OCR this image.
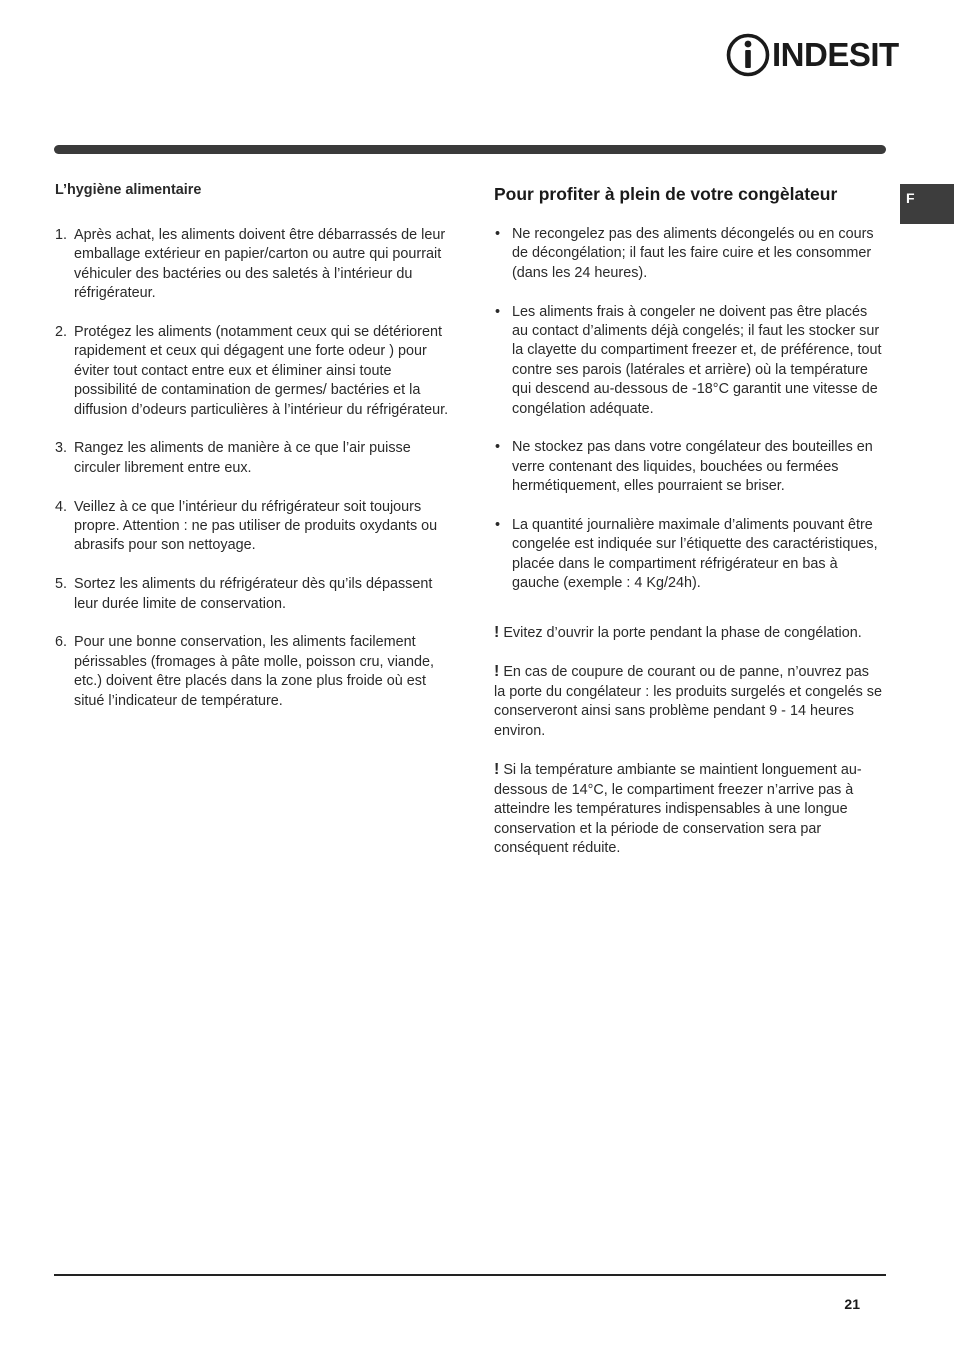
INDESIT
F
L’hygiène alimentaire
1. Après achat, les aliments doivent être débarrassés de leur emballage extérieur en papier/carton ou autre qui pourrait véhiculer des bactéries ou des saletés à l’intérieur du réfrigérateur.
2. Protégez les aliments (notamment ceux qui se détériorent rapidement et ceux qui dégagent une forte odeur ) pour éviter tout contact entre eux et éliminer ainsi toute possibilité de contamination de germes/ bactéries et la diffusion d’odeurs particulières à l’intérieur du réfrigérateur.
3. Rangez les aliments de manière à ce que l’air puisse circuler librement entre eux.
4. Veillez à ce que l’intérieur du réfrigérateur soit toujours propre. Attention : ne pas utiliser de produits oxydants ou abrasifs pour son nettoyage.
5. Sortez les aliments du réfrigérateur dès qu’ils dépassent leur durée limite de conservation.
6. Pour une bonne conservation, les aliments facilement périssables (fromages à pâte molle, poisson cru, viande, etc.) doivent être placés dans la zone plus froide où est situé l’indicateur de température.
Pour profiter à plein de votre congèlateur
• Ne recongelez pas des aliments décongelés ou en cours de décongélation; il faut les faire cuire et les consommer (dans les 24 heures).
• Les aliments frais à congeler ne doivent pas être placés au contact d’aliments déjà congelés; il faut les stocker sur la clayette du compartiment freezer et, de préférence, tout contre ses parois (latérales et arrière) où la température qui descend au-dessous de -18°C garantit une vitesse de congélation adéquate.
• Ne stockez pas dans votre congélateur des bouteilles en verre contenant des liquides, bouchées ou fermées hermétiquement, elles pourraient se briser.
• La quantité journalière maximale d’aliments pouvant être congelée est indiquée sur l’étiquette des caractéristiques, placée dans le compartiment réfrigérateur en bas à gauche (exemple : 4 Kg/24h).
! Evitez d’ouvrir la porte pendant la phase de congélation.
! En cas de coupure de courant ou de panne, n’ouvrez pas la porte du congélateur : les produits surgelés et congelés se conserveront ainsi sans problème pendant 9 - 14 heures environ.
! Si la température ambiante se maintient longuement au-dessous de 14°C, le compartiment freezer n’arrive pas à atteindre les températures indispensables à une longue conservation et la période de conservation sera par conséquent réduite.
21
